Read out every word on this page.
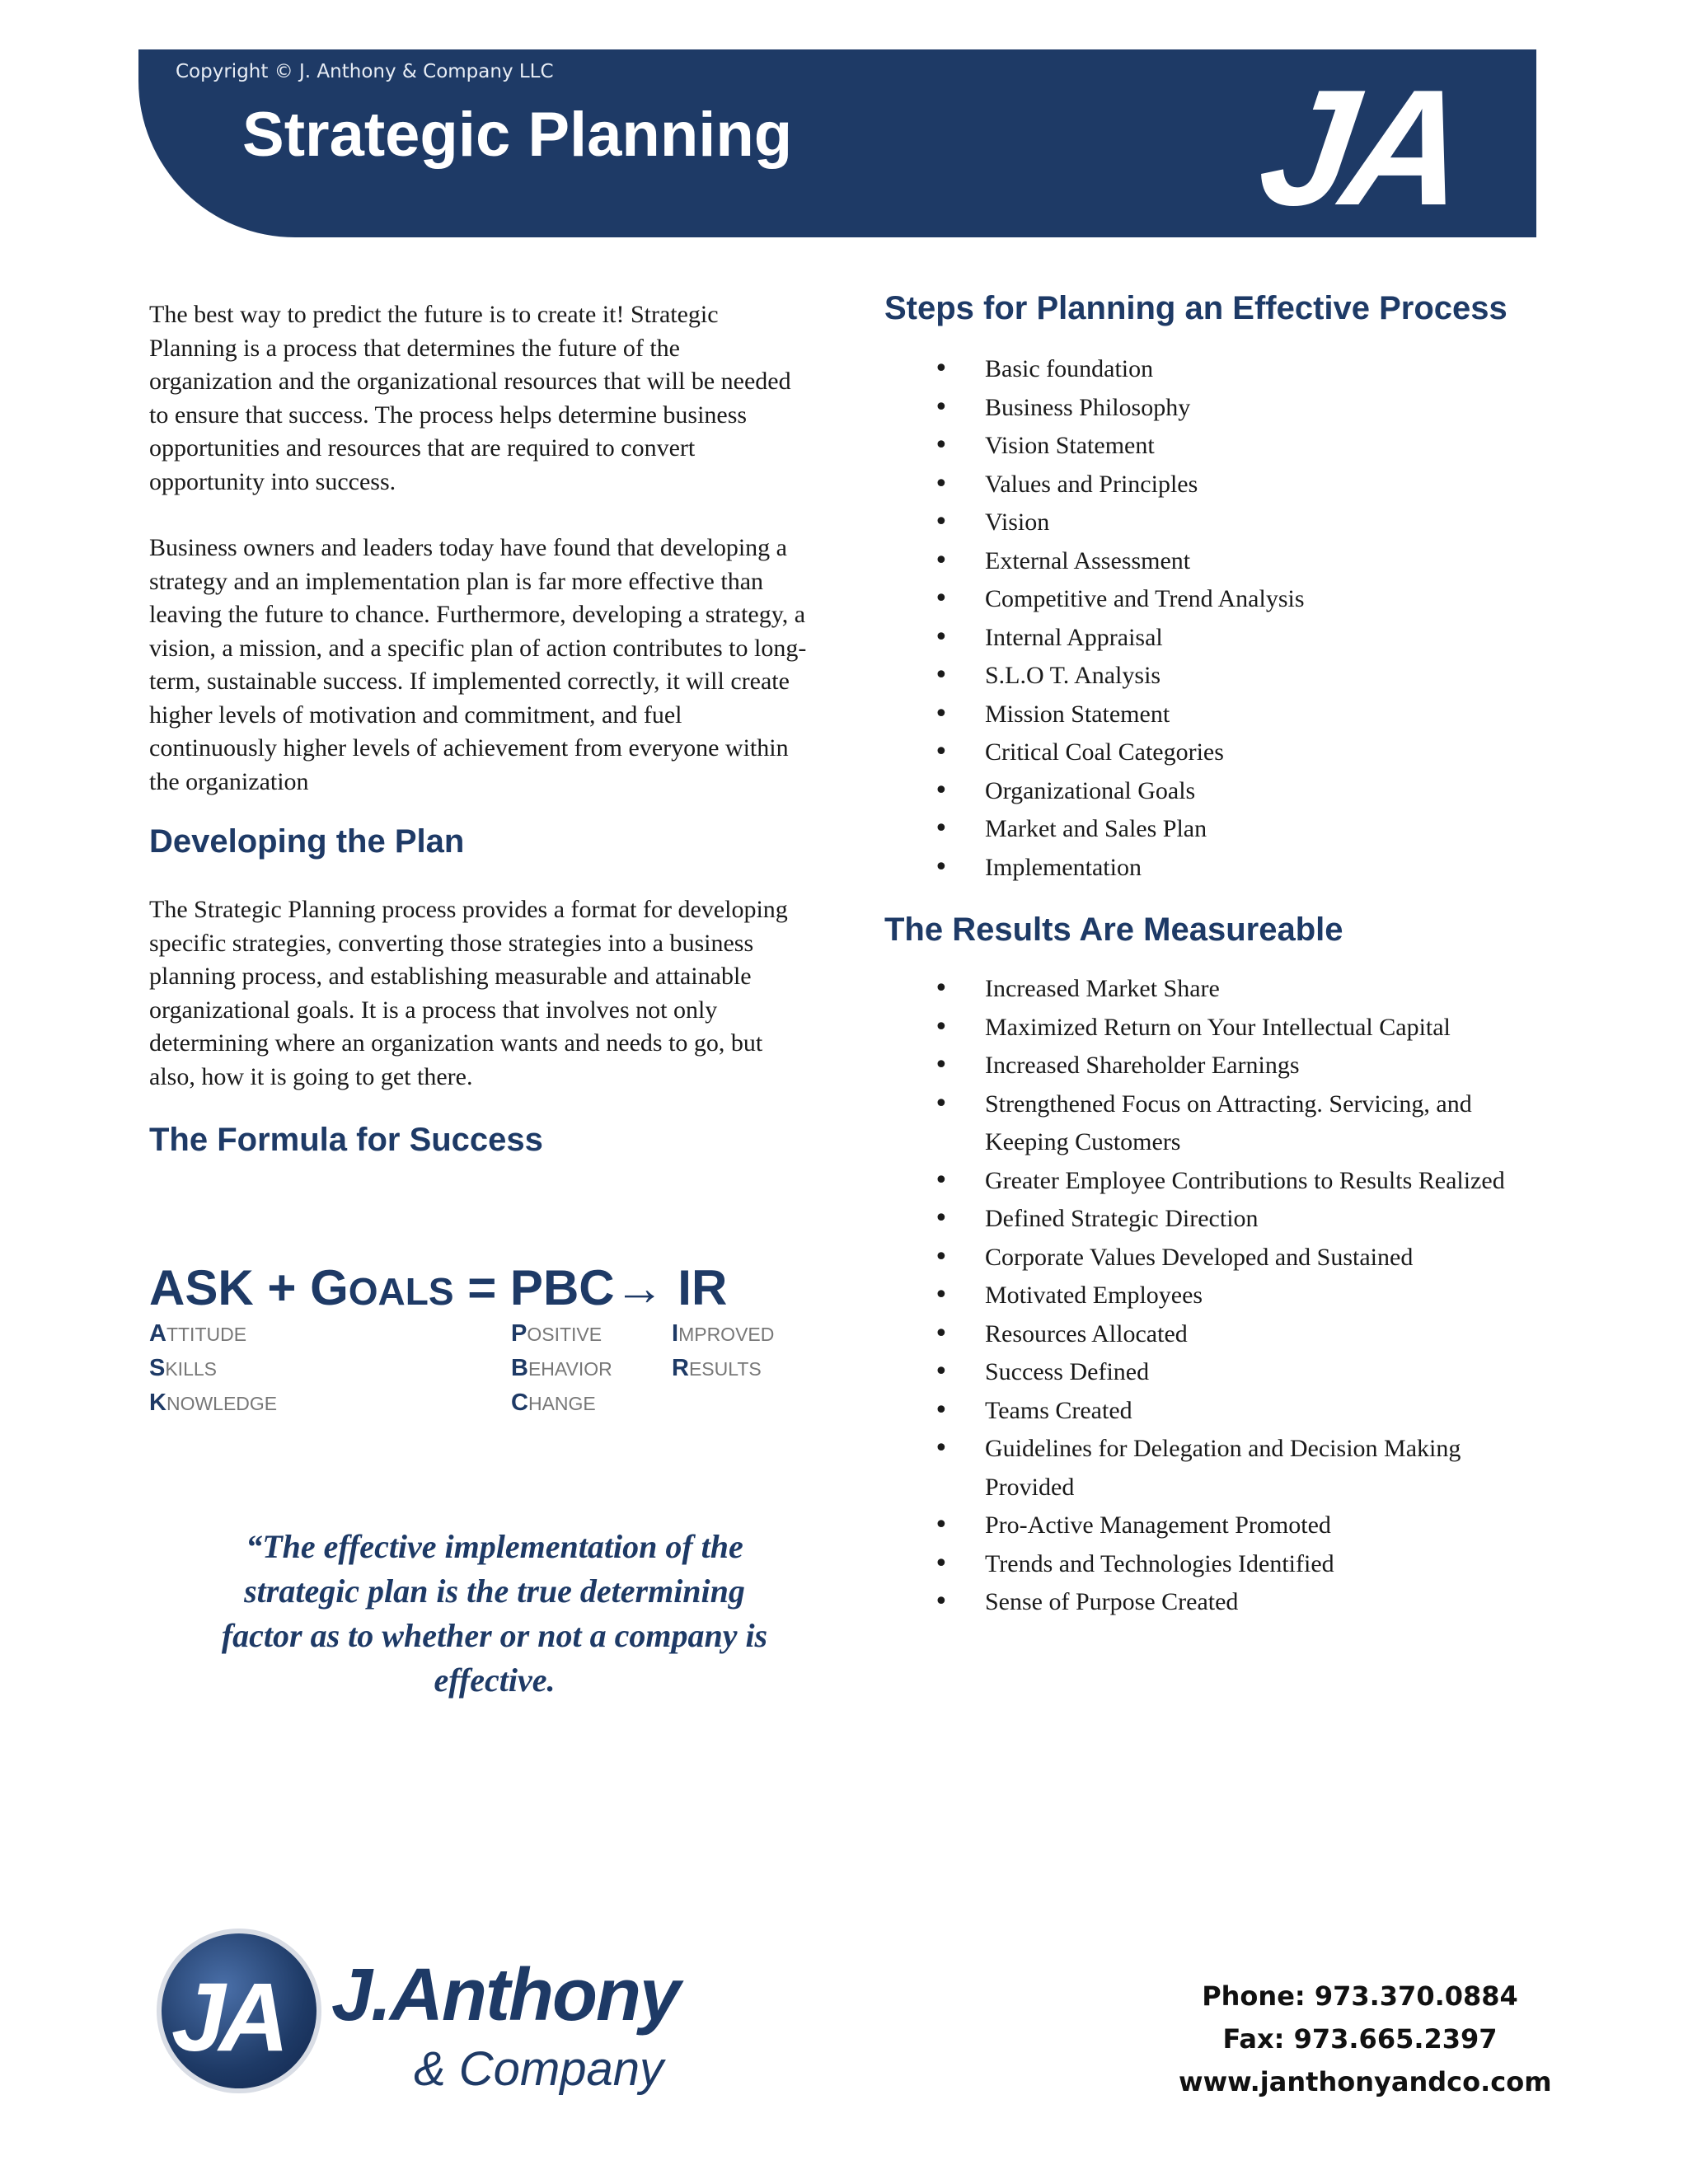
Copyright © J. Anthony & Company LLC
Strategic Planning	JA

The best way to predict the future is to create it! Strategic Planning is a process that determines the future of the organization and the organizational resources that will be needed to ensure that success. The process helps determine business opportunities and resources that are required to convert opportunity into success.

Business owners and leaders today have found that developing a strategy and an implementation plan is far more effective than leaving the future to chance. Furthermore, developing a strategy, a vision, a mission, and a specific plan of action contributes to long-term, sustainable success. If implemented correctly, it will create higher levels of motivation and commitment, and fuel continuously higher levels of achievement from everyone within the organization

Developing the Plan

The Strategic Planning process provides a format for developing specific strategies, converting those strategies into a business planning process, and establishing measurable and attainable organizational goals. It is a process that involves not only determining where an organization wants and needs to go, but also, how it is going to get there.

The Formula for Success
ASK + GOALS = PBC→ IR
ATTITUDE
SKILLS
KNOWLEDGE
POSITIVE
BEHAVIOR
CHANGE
IMPROVED
RESULTS
“The effective implementation of the strategic plan is the true determining factor as to whether or not a company is effective.
Steps for Planning an Effective Process
• Basic foundation
• Business Philosophy
• Vision Statement
• Values and Principles
• Vision
• External Assessment
• Competitive and Trend Analysis
• Internal Appraisal
• S.L.O T. Analysis
• Mission Statement
• Critical Coal Categories
• Organizational Goals
• Market and Sales Plan
• Implementation
The Results Are Measureable
• Increased Market Share
• Maximized Return on Your Intellectual Capital
• Increased Shareholder Earnings
• Strengthened Focus on Attracting. Servicing, and Keeping Customers
• Greater Employee Contributions to Results Realized
• Defined Strategic Direction
• Corporate Values Developed and Sustained
• Motivated Employees
• Resources Allocated
• Success Defined
• Teams Created
• Guidelines for Delegation and Decision Making Provided
• Pro-Active Management Promoted
• Trends and Technologies Identified
• Sense of Purpose Created
JA J.Anthony
& Company
Phone: 973.370.0884
Fax: 973.665.2397
www.janthonyandco.com
